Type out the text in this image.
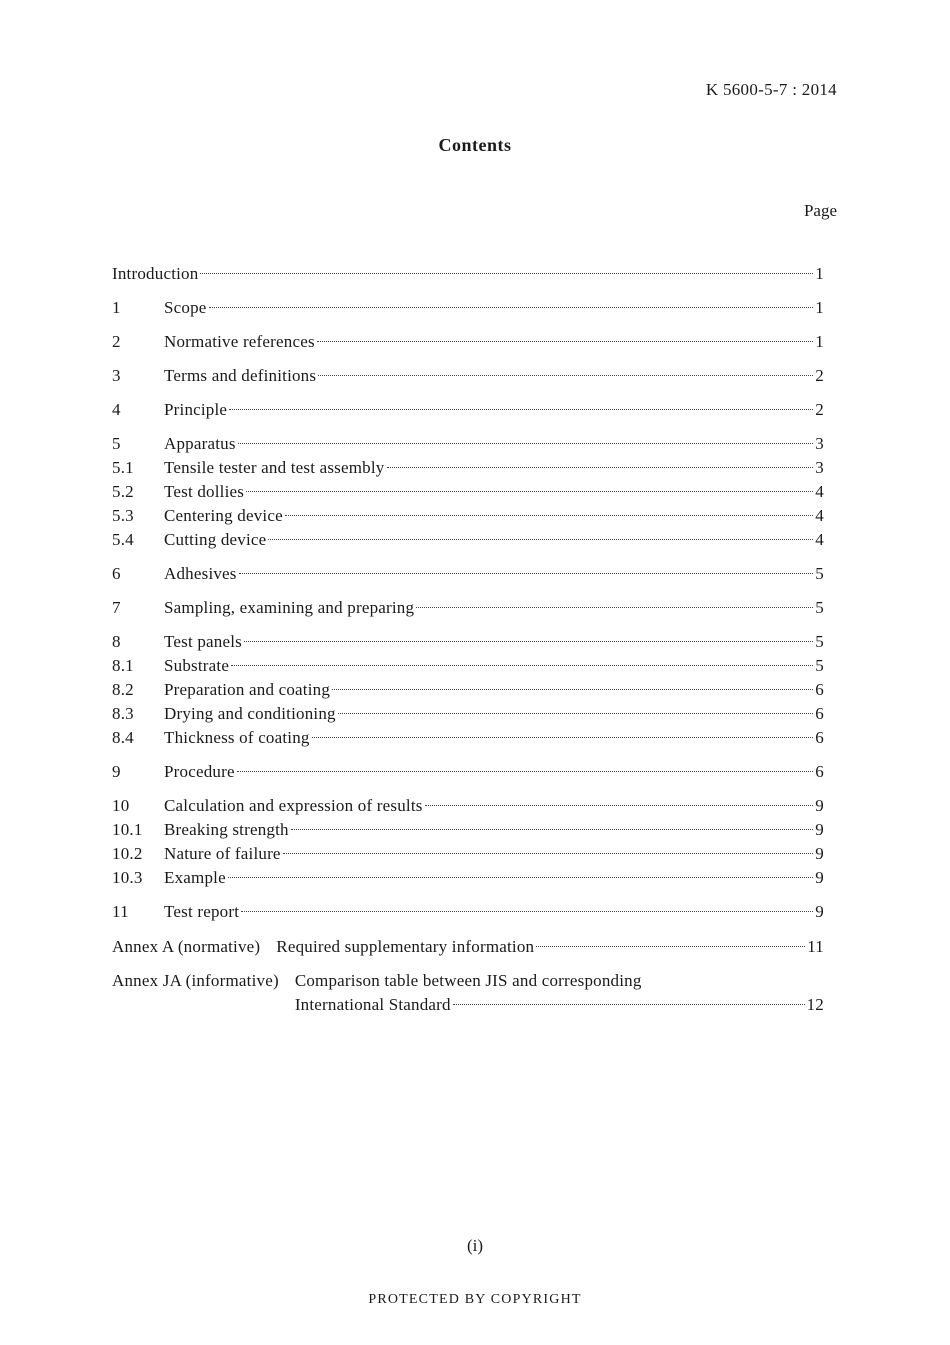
K 5600-5-7 : 2014
Contents
Page
Introduction	1
1	Scope	1
2	Normative references	1
3	Terms and definitions	2
4	Principle	2
5	Apparatus	3
5.1	Tensile tester and test assembly	3
5.2	Test dollies	4
5.3	Centering device	4
5.4	Cutting device	4
6	Adhesives	5
7	Sampling, examining and preparing	5
8	Test panels	5
8.1	Substrate	5
8.2	Preparation and coating	6
8.3	Drying and conditioning	6
8.4	Thickness of coating	6
9	Procedure	6
10	Calculation and expression of results	9
10.1	Breaking strength	9
10.2	Nature of failure	9
10.3	Example	9
11	Test report	9
Annex A (normative) Required supplementary information	11
Annex JA (informative) Comparison table between JIS and corresponding
International Standard	12
(i)
PROTECTED BY COPYRIGHT
